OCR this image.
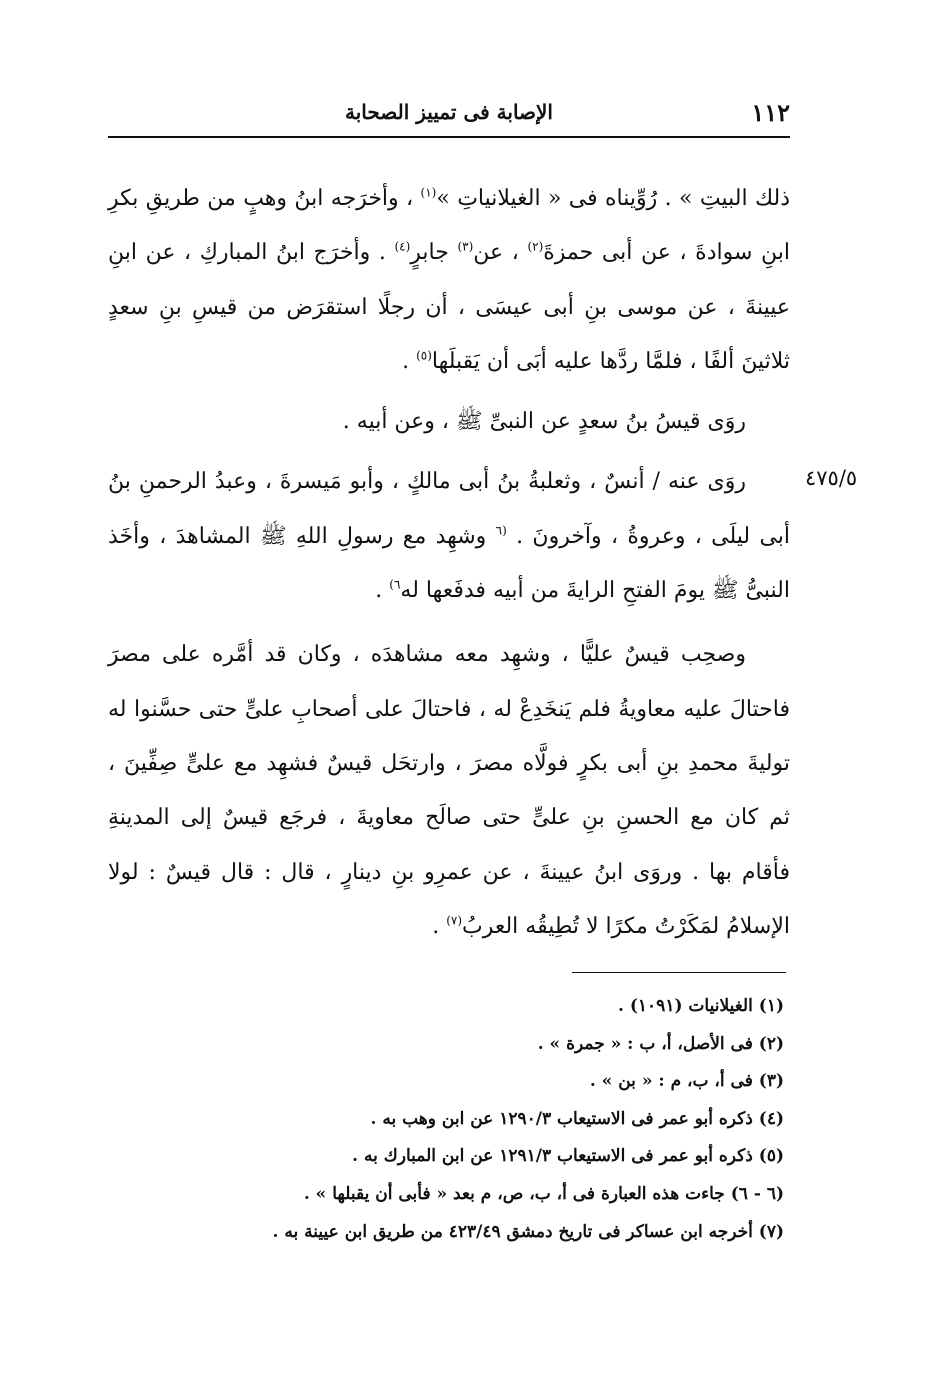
١١٢
الإصابة فى تمييز الصحابة
٤٧٥/٥

ذلك البيتِ » . رُوِّيناه فى « الغيلانياتِ »$^{(١)}$ ، وأخرَجه ابنُ وهبٍ من طريقِ بكرِ ابنِ سوادةَ ، عن أبى حمزةَ$^{(٢)}$ ، عن$^{(٣)}$ جابرٍ$^{(٤)}$ . وأخرَج ابنُ المباركِ ، عن ابنِ عيينةَ ، عن موسى بنِ أبى عيسَى ، أن رجلًا استقرَض من قيسِ بنِ سعدٍ ثلاثينَ ألفًا ، فلمَّا ردَّها عليه أبَى أن يَقبلَها$^{(٥)}$ .

روَى قيسُ بنُ سعدٍ عن النبىِّ ﷺ ، وعن أبيه .

روَى عنه / أنسٌ ، وثعلبةُ بنُ أبى مالكٍ ، وأبو مَيسرةَ ، وعبدُ الرحمنِ بنُ أبى ليلَى ، وعروةُ ، وآخرونَ . $^{(٦}$ وشهِد مع رسولِ اللهِ ﷺ المشاهدَ ، وأخَذ النبىُّ ﷺ يومَ الفتحِ الرايةَ من أبيه فدفَعها له$^{٦)}$ .

وصحِب قيسٌ عليًّا ، وشهِد معه مشاهدَه ، وكان قد أمَّره على مصرَ فاحتالَ عليه معاويةُ فلم يَنخَدِعْ له ، فاحتالَ على أصحابِ علىٍّ حتى حسَّنوا له توليةَ محمدِ بنِ أبى بكرٍ فولَّاه مصرَ ، وارتحَل قيسٌ فشهِد مع علىٍّ صِفِّينَ ، ثم كان مع الحسنِ بنِ علىٍّ حتى صالَح معاويةَ ، فرجَع قيسٌ إلى المدينةِ فأقام بها . وروَى ابنُ عيينةَ ، عن عمرِو بنِ دينارٍ ، قال : قال قيسٌ : لولا الإسلامُ لمَكَرْتُ مكرًا لا تُطِيقُه العربُ$^{(٧)}$ .

(١) الغيلانيات (١٠٩١) .

(٢) فى الأصل، أ، ب : « جمرة » .

(٣) فى أ، ب، م : « بن » .

(٤) ذكره أبو عمر فى الاستيعاب ١٢٩٠/٣ عن ابن وهب به .

(٥) ذكره أبو عمر فى الاستيعاب ١٢٩١/٣ عن ابن المبارك به .

(٦ - ٦) جاءت هذه العبارة فى أ، ب، ص، م بعد « فأبى أن يقبلها » .

(٧) أخرجه ابن عساكر فى تاريخ دمشق ٤٢٣/٤٩ من طريق ابن عيينة به .
